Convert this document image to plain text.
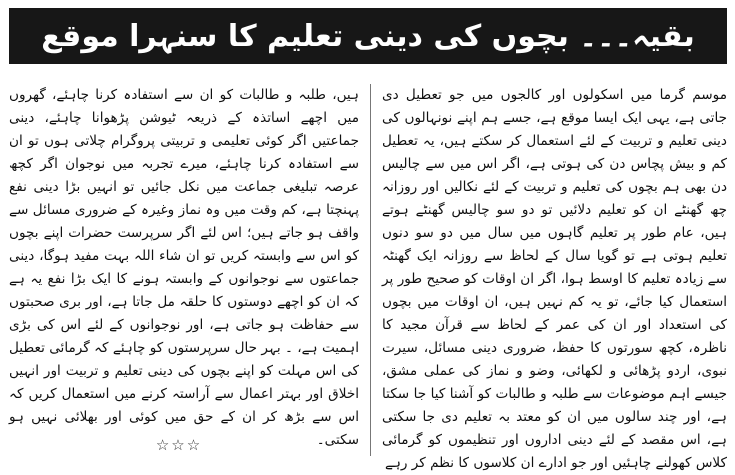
بقیہ۔۔۔ بچوں کی دینی تعلیم کا سنہرا موقع

موسم گرما میں اسکولوں اور کالجوں میں جو تعطیل دی جاتی ہے، یہی ایک ایسا موقع ہے، جسے ہم اپنے نونہالوں کی دینی تعلیم و تربیت کے لئے استعمال کر سکتے ہیں، یہ تعطیل کم و بیش پچاس دن کی ہوتی ہے، اگر اس میں سے چالیس دن بھی ہم بچوں کی تعلیم و تربیت کے لئے نکالیں اور روزانہ چھ گھنٹے ان کو تعلیم دلائیں تو دو سو چالیس گھنٹے ہوتے ہیں، عام طور پر تعلیم گاہوں میں سال میں دو سو دنوں تعلیم ہوتی ہے تو گویا سال کے لحاظ سے روزانہ ایک گھنٹہ سے زیادہ تعلیم کا اوسط ہوا، اگر ان اوقات کو صحیح طور پر استعمال کیا جائے، تو یہ کم نہیں ہیں، ان اوقات میں بچوں کی استعداد اور ان کی عمر کے لحاظ سے قرآن مجید کا ناظرہ، کچھ سورتوں کا حفظ، ضروری دینی مسائل، سیرت نبوی، اردو پڑھائی و لکھائی، وضو و نماز کی عملی مشق، جیسے اہم موضوعات سے طلبہ و طالبات کو آشنا کیا جا سکتا ہے، اور چند سالوں میں ان کو معتد بہ تعلیم دی جا سکتی ہے، اس مقصد کے لئے دینی اداروں اور تنظیموں کو گرمائی کلاس کھولنے چاہئیں اور جو ادارے ان کلاسوں کا نظم کر رہے

ہیں، طلبہ و طالبات کو ان سے استفادہ کرنا چاہئے، گھروں میں اچھے اساتذہ کے ذریعہ ٹیوشن پڑھوانا چاہئے، دینی جماعتیں اگر کوئی تعلیمی و تربیتی پروگرام چلاتی ہوں تو ان سے استفادہ کرنا چاہئے، میرے تجربہ میں نوجوان اگر کچھ عرصہ تبلیغی جماعت میں نکل جائیں تو انہیں بڑا دینی نفع پہنچتا ہے، کم وقت میں وہ نماز وغیرہ کے ضروری مسائل سے واقف ہو جاتے ہیں؛ اس لئے اگر سرپرست حضرات اپنے بچوں کو اس سے وابستہ کریں تو ان شاء اللہ بہت مفید ہوگا، دینی جماعتوں سے نوجوانوں کے وابستہ ہونے کا ایک بڑا نفع یہ ہے کہ ان کو اچھے دوستوں کا حلقہ مل جاتا ہے، اور بری صحبتوں سے حفاظت ہو جاتی ہے، اور نوجوانوں کے لئے اس کی بڑی اہمیت ہے، ۔ بہر حال سرپرستوں کو چاہئے کہ گرمائی تعطیل کی اس مہلت کو اپنے بچوں کی دینی تعلیم و تربیت اور انہیں اخلاق اور بہتر اعمال سے آراستہ کرنے میں استعمال کریں کہ اس سے بڑھ کر ان کے حق میں کوئی اور بھلائی نہیں ہو سکتی۔

☆☆☆
